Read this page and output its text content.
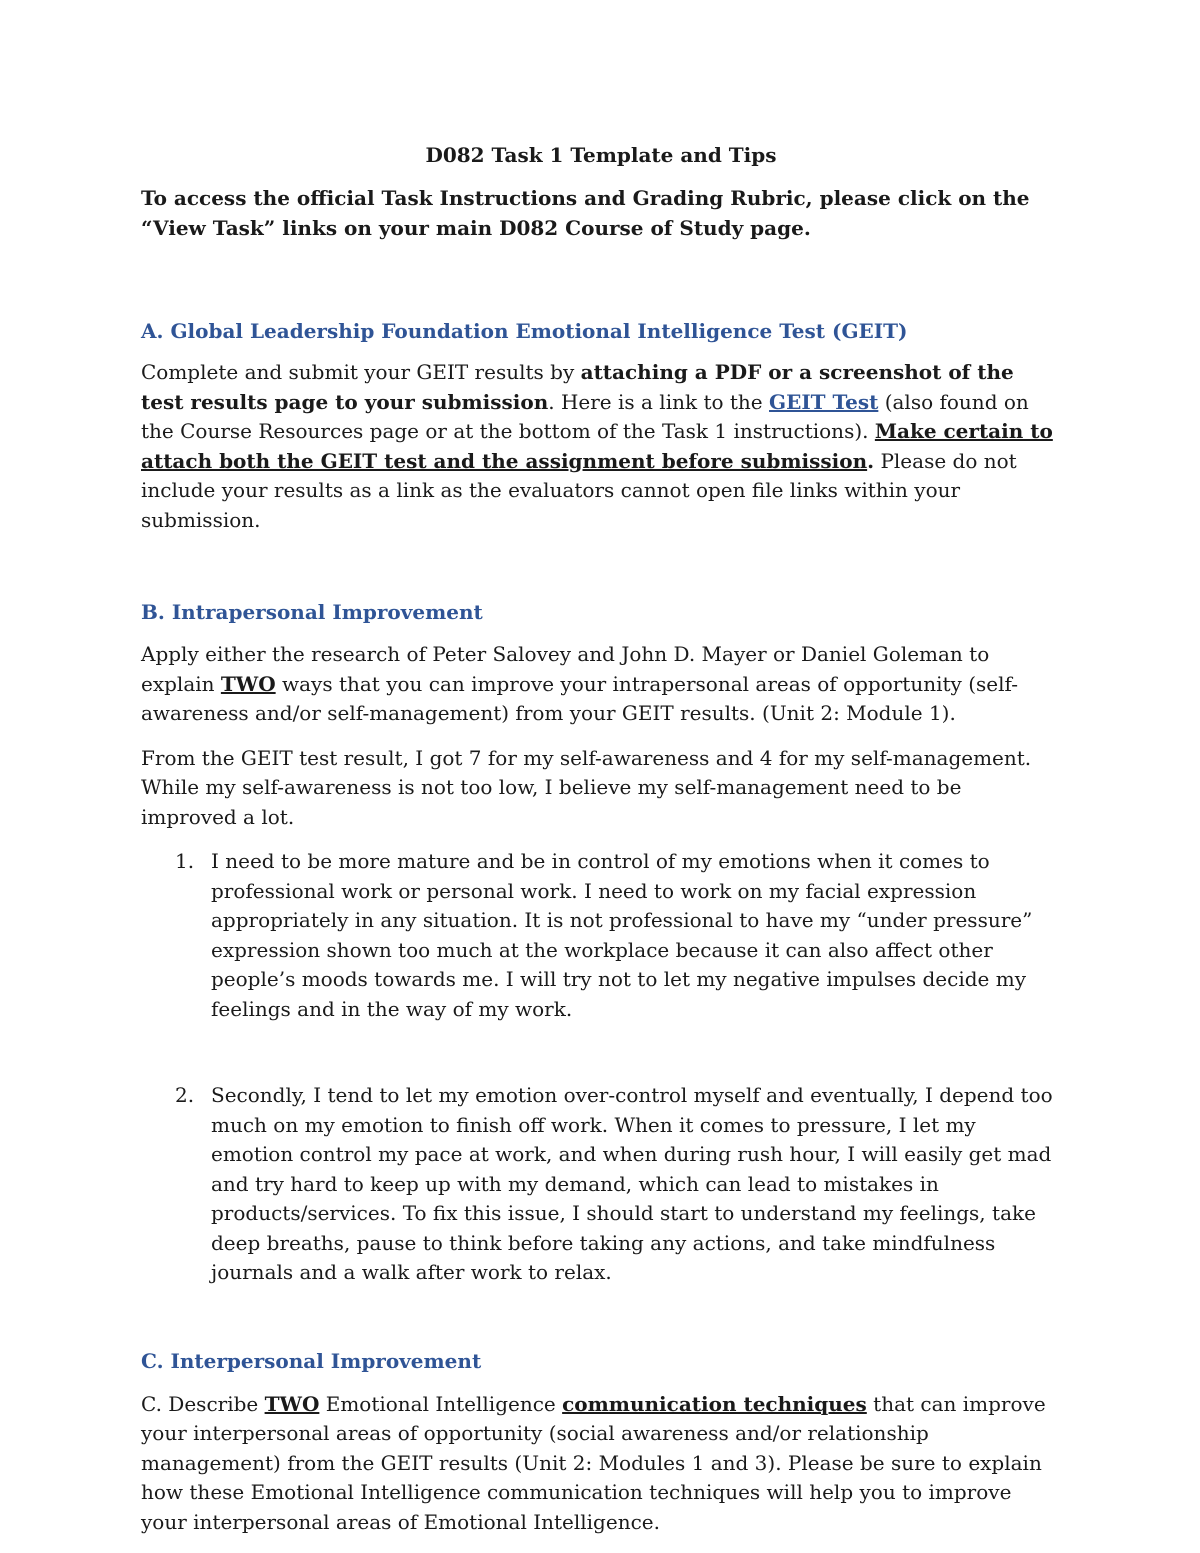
D082 Task 1 Template and Tips

To access the official Task Instructions and Grading Rubric, please click on the “View Task” links on your main D082 Course of Study page.

A. Global Leadership Foundation Emotional Intelligence Test (GEIT)

Complete and submit your GEIT results by attaching a PDF or a screenshot of the test results page to your submission. Here is a link to the GEIT Test (also found on the Course Resources page or at the bottom of the Task 1 instructions). Make certain to attach both the GEIT test and the assignment before submission. Please do not include your results as a link as the evaluators cannot open file links within your submission.

B. Intrapersonal Improvement

Apply either the research of Peter Salovey and John D. Mayer or Daniel Goleman to explain TWO ways that you can improve your intrapersonal areas of opportunity (self-awareness and/or self-management) from your GEIT results. (Unit 2: Module 1).

From the GEIT test result, I got 7 for my self-awareness and 4 for my self-management. While my self-awareness is not too low, I believe my self-management need to be improved a lot.

1. I need to be more mature and be in control of my emotions when it comes to professional work or personal work. I need to work on my facial expression appropriately in any situation. It is not professional to have my “under pressure” expression shown too much at the workplace because it can also affect other people’s moods towards me. I will try not to let my negative impulses decide my feelings and in the way of my work.
2. Secondly, I tend to let my emotion over-control myself and eventually, I depend too much on my emotion to finish off work. When it comes to pressure, I let my emotion control my pace at work, and when during rush hour, I will easily get mad and try hard to keep up with my demand, which can lead to mistakes in products/services. To fix this issue, I should start to understand my feelings, take deep breaths, pause to think before taking any actions, and take mindfulness journals and a walk after work to relax.
C. Interpersonal Improvement

C. Describe TWO Emotional Intelligence communication techniques that can improve your interpersonal areas of opportunity (social awareness and/or relationship management) from the GEIT results (Unit 2: Modules 1 and 3). Please be sure to explain how these Emotional Intelligence communication techniques will help you to improve your interpersonal areas of Emotional Intelligence.
